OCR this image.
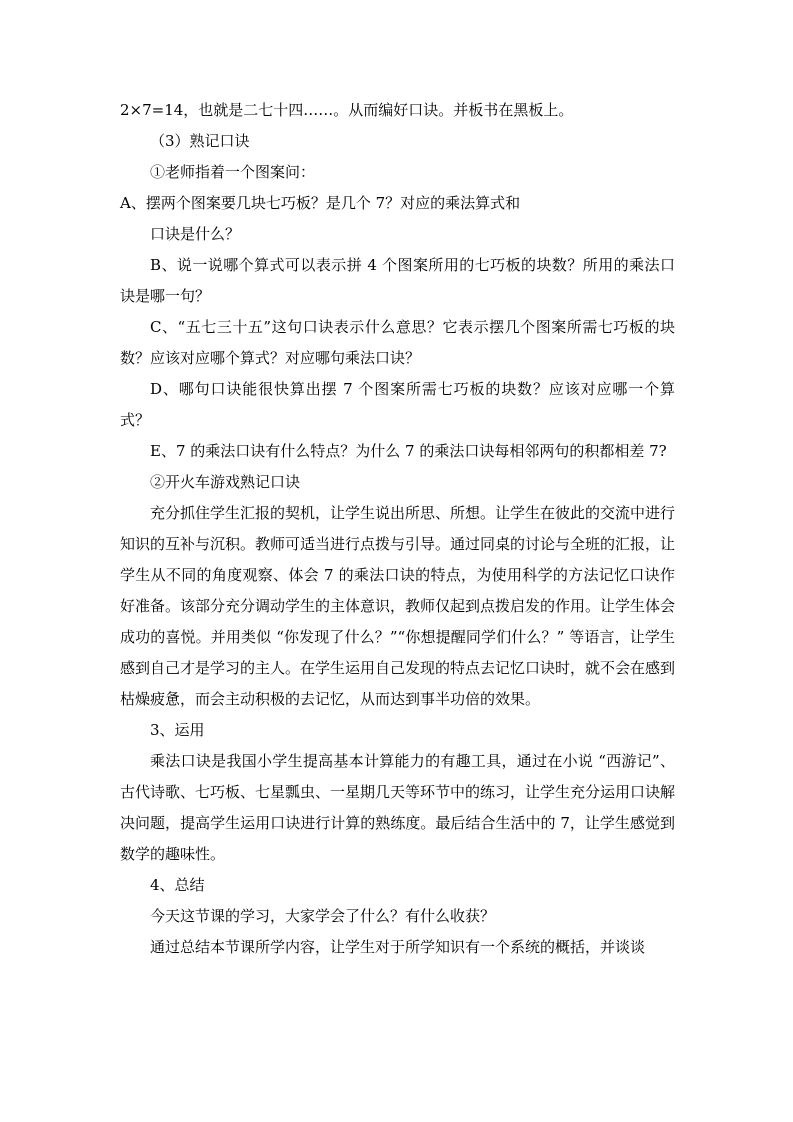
2×7=14，也就是二七十四……。从而编好口诀。并板书在黑板上。

（3）熟记口诀

①老师指着一个图案问：

A、摆两个图案要几块七巧板？是几个 7？对应的乘法算式和

口诀是什么？

B、说一说哪个算式可以表示拼 4 个图案所用的七巧板的块数？所用的乘法口诀是哪一句？

C、“五七三十五”这句口诀表示什么意思？它表示摆几个图案所需七巧板的块数？应该对应哪个算式？对应哪句乘法口诀？

D、哪句口诀能很快算出摆 7 个图案所需七巧板的块数？应该对应哪一个算式？

E、7 的乘法口诀有什么特点？为什么 7 的乘法口诀每相邻两句的积都相差 7?

②开火车游戏熟记口诀

充分抓住学生汇报的契机，让学生说出所思、所想。让学生在彼此的交流中进行知识的互补与沉积。教师可适当进行点拨与引导。通过同桌的讨论与全班的汇报，让学生从不同的角度观察、体会 7 的乘法口诀的特点，为使用科学的方法记忆口诀作好准备。该部分充分调动学生的主体意识，教师仅起到点拨启发的作用。让学生体会成功的喜悦。并用类似 “你发现了什么？”“你想提醒同学们什么？” 等语言，让学生感到自己才是学习的主人。在学生运用自己发现的特点去记忆口诀时，就不会在感到枯燥疲惫，而会主动积极的去记忆，从而达到事半功倍的效果。

3、运用

乘法口诀是我国小学生提高基本计算能力的有趣工具，通过在小说 “西游记”、古代诗歌、七巧板、七星瓢虫、一星期几天等环节中的练习，让学生充分运用口诀解决问题，提高学生运用口诀进行计算的熟练度。最后结合生活中的 7，让学生感觉到数学的趣味性。

4、总结

今天这节课的学习，大家学会了什么？有什么收获？

通过总结本节课所学内容，让学生对于所学知识有一个系统的概括，并谈谈
